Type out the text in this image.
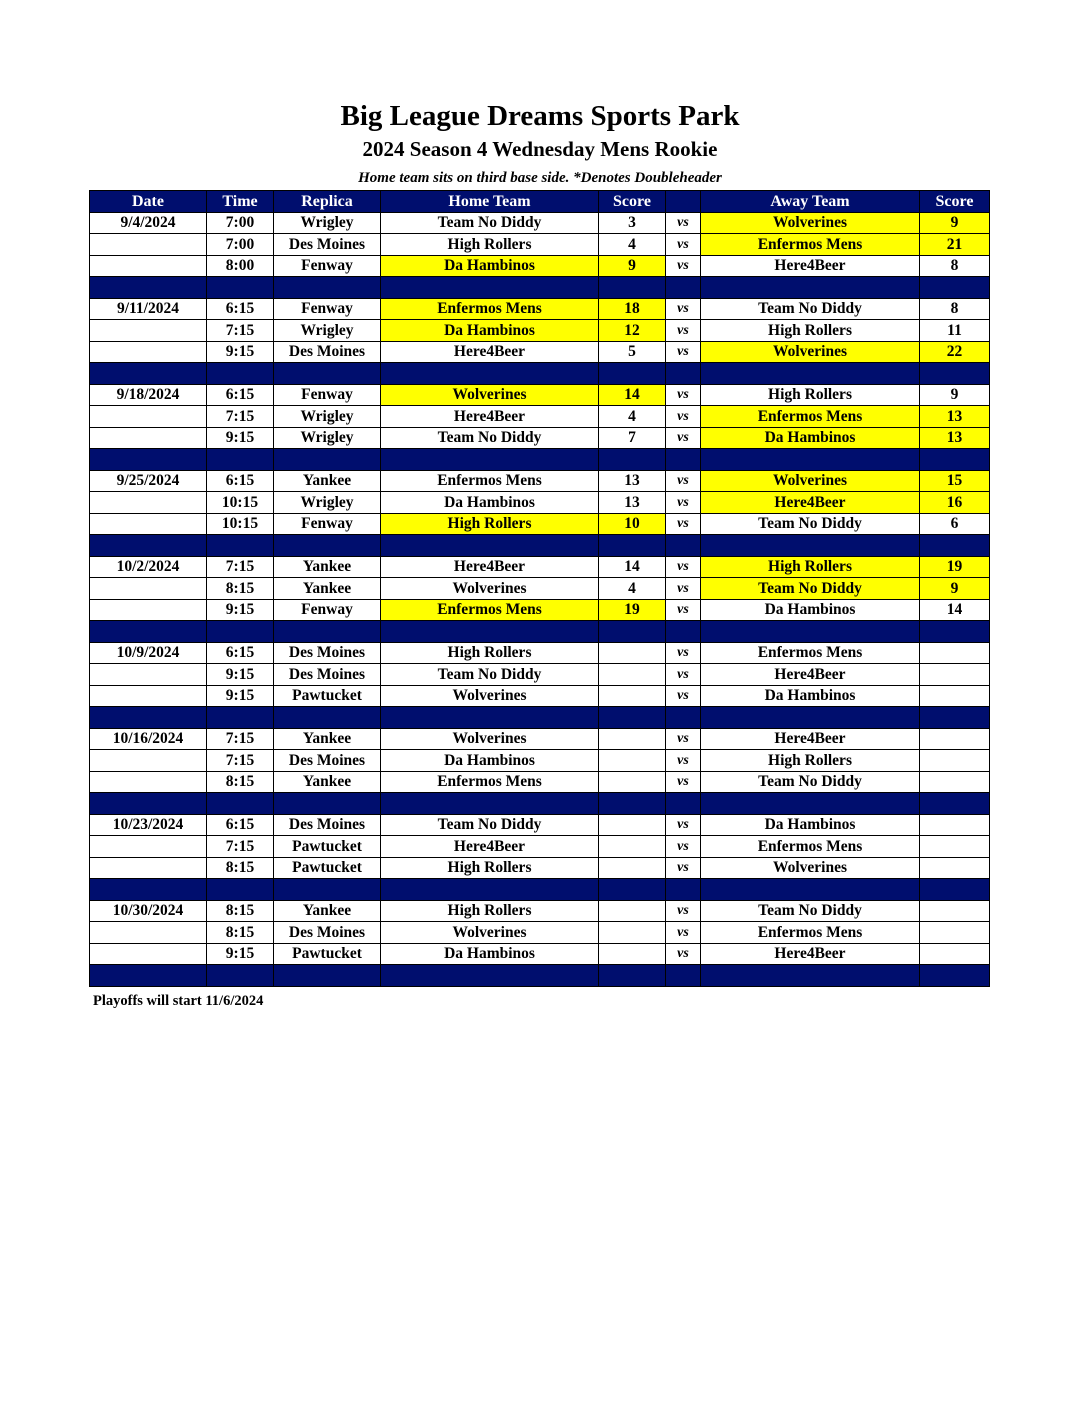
Big League Dreams Sports Park
2024 Season 4 Wednesday Mens Rookie
Home team sits on third base side. *Denotes Doubleheader
Date	Time	Replica	Home Team	Score		Away Team	Score
9/4/2024	7:00	Wrigley	Team No Diddy	3	vs	Wolverines	9
	7:00	Des Moines	High Rollers	4	vs	Enfermos Mens	21
	8:00	Fenway	Da Hambinos	9	vs	Here4Beer	8

9/11/2024	6:15	Fenway	Enfermos Mens	18	vs	Team No Diddy	8
	7:15	Wrigley	Da Hambinos	12	vs	High Rollers	11
	9:15	Des Moines	Here4Beer	5	vs	Wolverines	22

9/18/2024	6:15	Fenway	Wolverines	14	vs	High Rollers	9
	7:15	Wrigley	Here4Beer	4	vs	Enfermos Mens	13
	9:15	Wrigley	Team No Diddy	7	vs	Da Hambinos	13

9/25/2024	6:15	Yankee	Enfermos Mens	13	vs	Wolverines	15
	10:15	Wrigley	Da Hambinos	13	vs	Here4Beer	16
	10:15	Fenway	High Rollers	10	vs	Team No Diddy	6

10/2/2024	7:15	Yankee	Here4Beer	14	vs	High Rollers	19
	8:15	Yankee	Wolverines	4	vs	Team No Diddy	9
	9:15	Fenway	Enfermos Mens	19	vs	Da Hambinos	14

10/9/2024	6:15	Des Moines	High Rollers		vs	Enfermos Mens	
	9:15	Des Moines	Team No Diddy		vs	Here4Beer	
	9:15	Pawtucket	Wolverines		vs	Da Hambinos	

10/16/2024	7:15	Yankee	Wolverines		vs	Here4Beer	
	7:15	Des Moines	Da Hambinos		vs	High Rollers	
	8:15	Yankee	Enfermos Mens		vs	Team No Diddy	

10/23/2024	6:15	Des Moines	Team No Diddy		vs	Da Hambinos	
	7:15	Pawtucket	Here4Beer		vs	Enfermos Mens	
	8:15	Pawtucket	High Rollers		vs	Wolverines	

10/30/2024	8:15	Yankee	High Rollers		vs	Team No Diddy	
	8:15	Des Moines	Wolverines		vs	Enfermos Mens	
	9:15	Pawtucket	Da Hambinos		vs	Here4Beer	

Playoffs will start 11/6/2024
